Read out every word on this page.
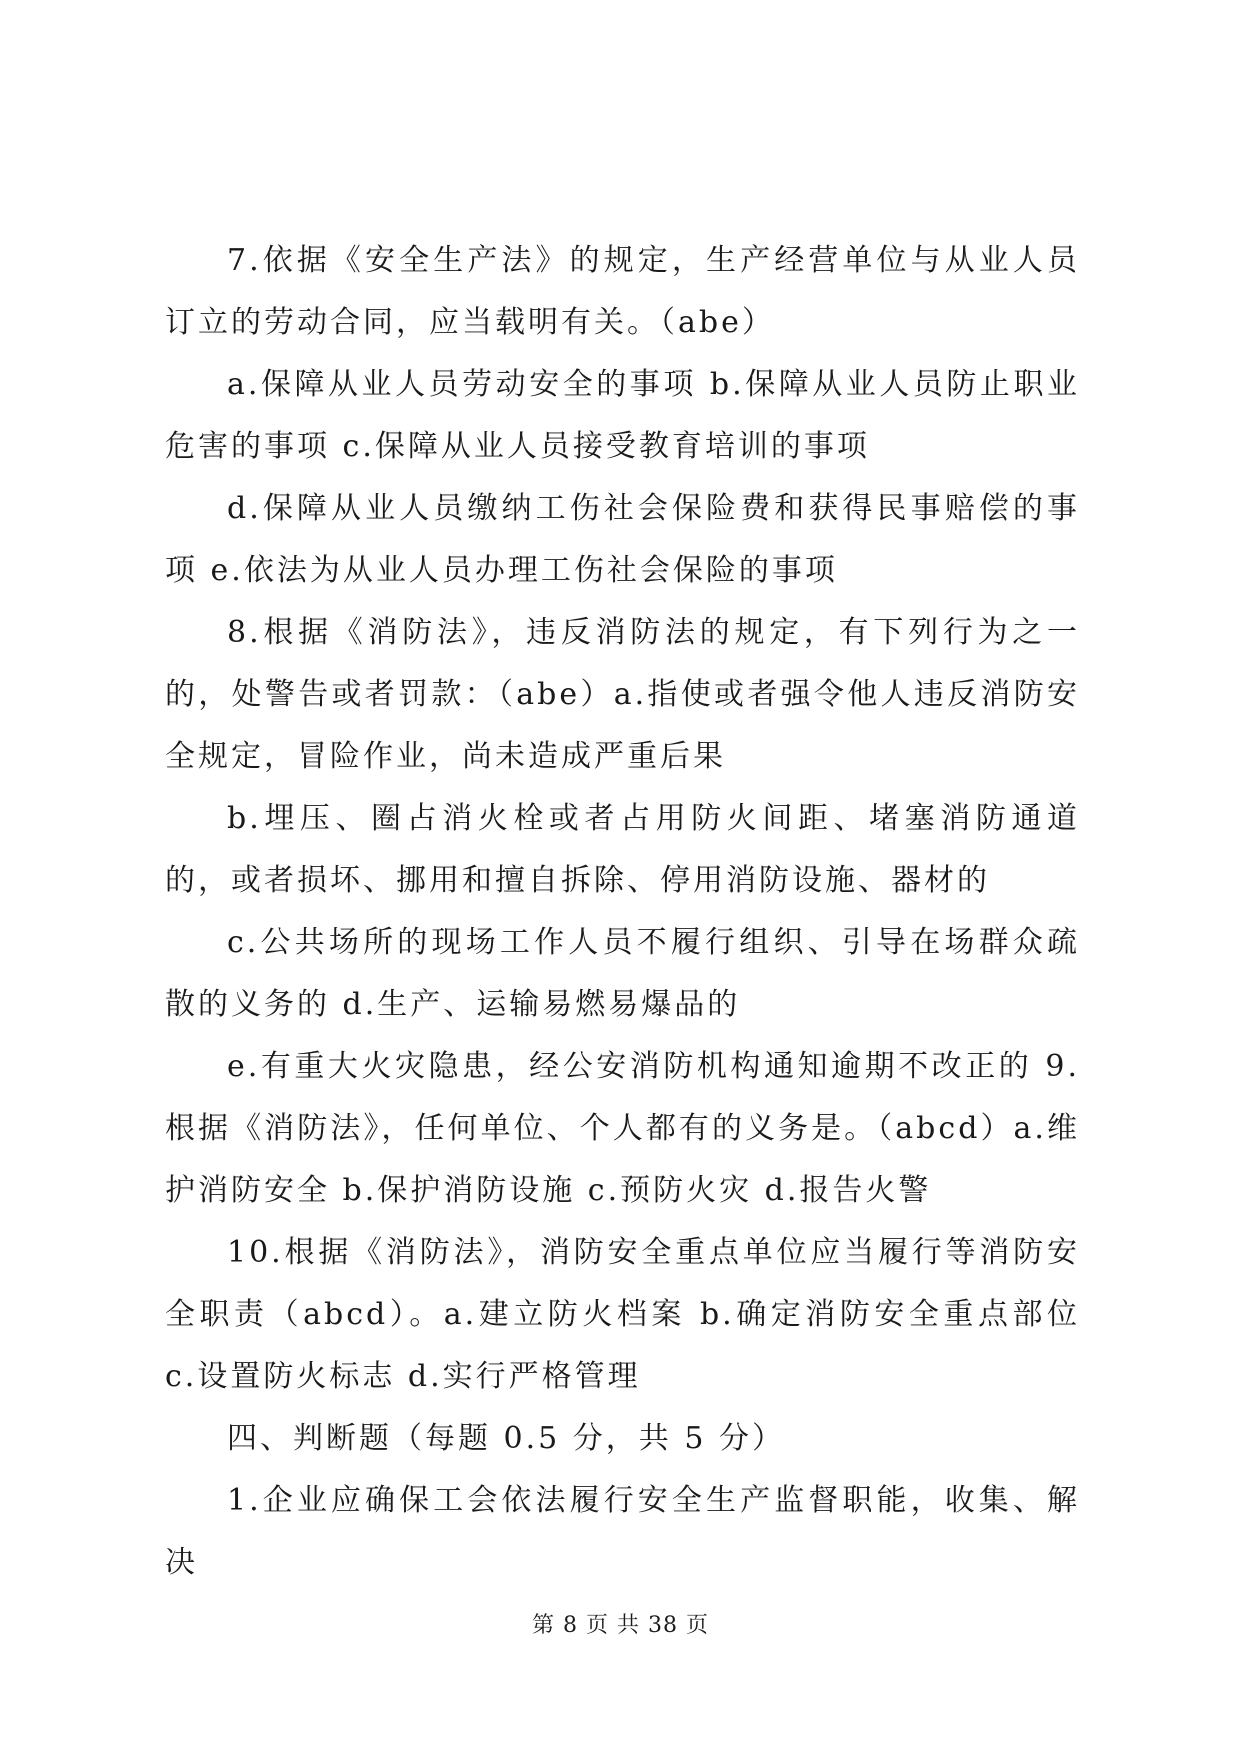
7.依据《安全生产法》的规定，生产经营单位与从业人员订立的劳动合同，应当载明有关。（abe）

a.保障从业人员劳动安全的事项 b.保障从业人员防止职业危害的事项 c.保障从业人员接受教育培训的事项

d.保障从业人员缴纳工伤社会保险费和获得民事赔偿的事项 e.依法为从业人员办理工伤社会保险的事项

8.根据《消防法》，违反消防法的规定，有下列行为之一的，处警告或者罚款：（abe）a.指使或者强令他人违反消防安全规定，冒险作业，尚未造成严重后果

b.埋压、圈占消火栓或者占用防火间距、堵塞消防通道的，或者损坏、挪用和擅自拆除、停用消防设施、器材的

c.公共场所的现场工作人员不履行组织、引导在场群众疏散的义务的 d.生产、运输易燃易爆品的

e.有重大火灾隐患，经公安消防机构通知逾期不改正的 9.根据《消防法》，任何单位、个人都有的义务是。（abcd）a.维护消防安全 b.保护消防设施 c.预防火灾 d.报告火警

10.根据《消防法》，消防安全重点单位应当履行等消防安全职责（abcd）。a.建立防火档案 b.确定消防安全重点部位 c.设置防火标志 d.实行严格管理

四、判断题（每题 0.5 分，共 5 分）

1.企业应确保工会依法履行安全生产监督职能，收集、解决

第 8 页 共 38 页
